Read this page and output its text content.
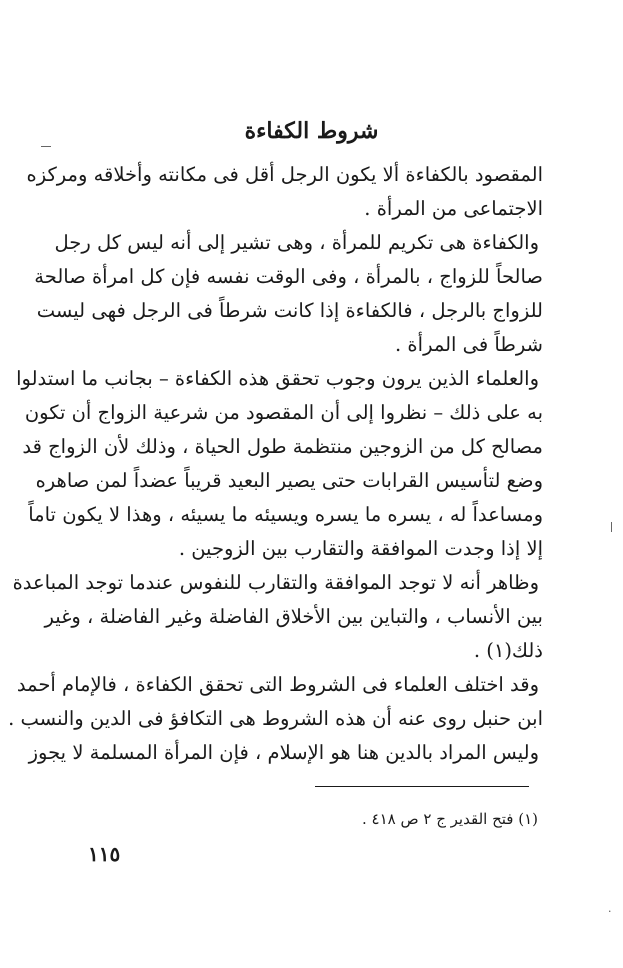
شروط الكفاءة
المقصود بالكفاءة ألا يكون الرجل أقل فى مكانته وأخلاقه ومركزه
الاجتماعى من المرأة .
والكفاءة هى تكريم للمرأة ، وهى تشير إلى أنه ليس كل رجل
صالحاً للزواج ، بالمرأة ، وفى الوقت نفسه فإن كل امرأة صالحة
للزواج بالرجل ، فالكفاءة إذا كانت شرطاً فى الرجل فهى ليست
شرطاً فى المرأة .
والعلماء الذين يرون وجوب تحقق هذه الكفاءة – بجانب ما استدلوا
به على ذلك – نظروا إلى أن المقصود من شرعية الزواج أن تكون
مصالح كل من الزوجين منتظمة طول الحياة ، وذلك لأن الزواج قد
وضع لتأسيس القرابات حتى يصير البعيد قريباً عضداً لمن صاهره
ومساعداً له ، يسره ما يسره ويسيئه ما يسيئه ، وهذا لا يكون تاماً
إلا إذا وجدت الموافقة والتقارب بين الزوجين .
وظاهر أنه لا توجد الموافقة والتقارب للنفوس عندما توجد المباعدة
بين الأنساب ، والتباين بين الأخلاق الفاضلة وغير الفاضلة ، وغير
ذلك(١) .
وقد اختلف العلماء فى الشروط التى تحقق الكفاءة ، فالإمام أحمد
ابن حنبل روى عنه أن هذه الشروط هى التكافؤ فى الدين والنسب .
وليس المراد بالدين هنا هو الإسلام ، فإن المرأة المسلمة لا يجوز
(١) فتح القدير ج ٢ ص ٤١٨ .
١١٥
·
